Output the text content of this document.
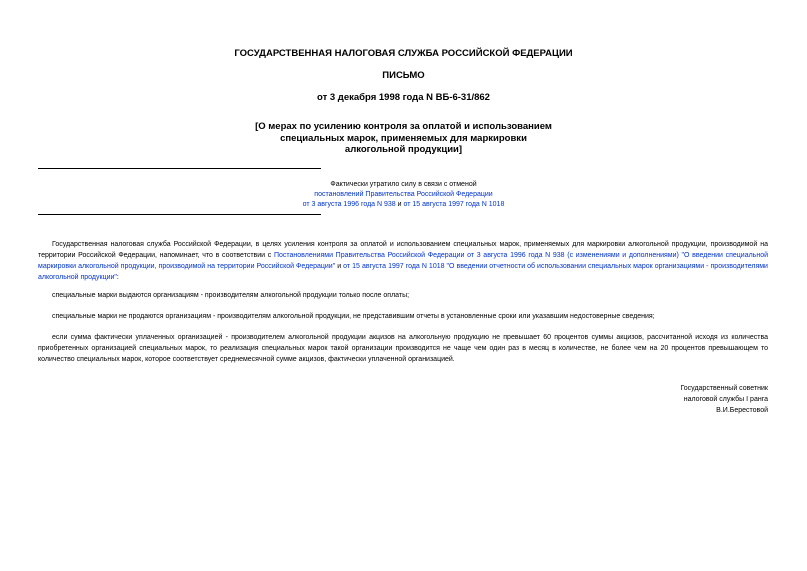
ГОСУДАРСТВЕННАЯ НАЛОГОВАЯ СЛУЖБА РОССИЙСКОЙ ФЕДЕРАЦИИ
ПИСЬМО
от 3 декабря 1998 года N ВБ-6-31/862
[О мерах по усилению контроля за оплатой и использованием
специальных марок, применяемых для маркировки
алкогольной продукции]
Фактически утратило силу в связи с отменой
постановлений Правительства Российской Федерации
от 3 августа 1996 года N 938 и от 15 августа 1997 года N 1018
Государственная налоговая служба Российской Федерации, в целях усиления контроля за оплатой и использованием специальных марок, применяемых для маркировки алкогольной продукции, производимой на территории Российской Федерации, напоминает, что в соответствии с Постановлениями Правительства Российской Федерации от 3 августа 1996 года N 938 (с изменениями и дополнениями) "О введении специальной маркировки алкогольной продукции, производимой на территории Российской Федерации" и от 15 августа 1997 года N 1018 "О введении отчетности об использовании специальных марок организациями - производителями алкогольной продукции":
специальные марки выдаются организациям - производителям алкогольной продукции только после оплаты;
специальные марки не продаются организациям - производителям алкогольной продукции, не представившим отчеты в установленные сроки или указавшим недостоверные сведения;
если сумма фактически уплаченных организацией - производителем алкогольной продукции акцизов на алкогольную продукцию не превышает 60 процентов суммы акцизов, рассчитанной исходя из количества приобретенных организацией специальных марок, то реализация специальных марок такой организации производится не чаще чем один раз в месяц в количестве, не более чем на 20 процентов превышающем то количество специальных марок, которое соответствует среднемесячной сумме акцизов, фактически уплаченной организацией.
Государственный советник
налоговой службы I ранга
В.И.Берестовой
